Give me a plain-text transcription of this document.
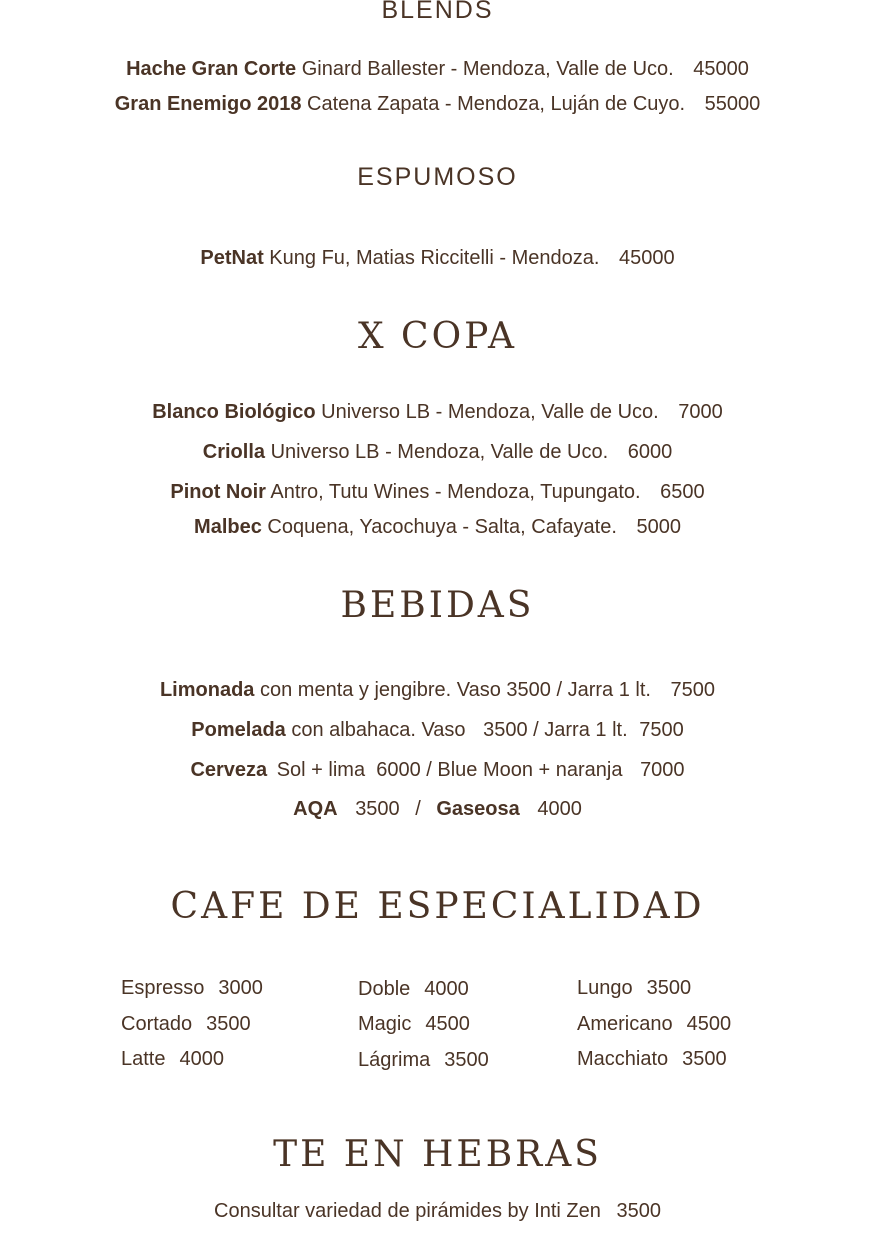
BLENDS
Hache Gran Corte Ginard Ballester - Mendoza, Valle de Uco. 45000
Gran Enemigo 2018 Catena Zapata - Mendoza, Luján de Cuyo. 55000
ESPUMOSO
PetNat Kung Fu, Matias Riccitelli - Mendoza. 45000
X COPA
Blanco Biológico Universo LB - Mendoza, Valle de Uco. 7000
Criolla Universo LB - Mendoza, Valle de Uco. 6000
Pinot Noir Antro, Tutu Wines - Mendoza, Tupungato. 6500
Malbec Coquena, Yacochuya - Salta, Cafayate. 5000
BEBIDAS
Limonada con menta y jengibre. Vaso 3500 / Jarra 1 lt. 7500
Pomelada con albahaca. Vaso 3500 / Jarra 1 lt. 7500
Cerveza Sol + lima  6000 / Blue Moon + naranja 7000
AQA 3500 / Gaseosa 4000
CAFE DE ESPECIALIDAD
Espresso 3000	Doble 4000	Lungo 3500
Cortado 3500	Magic 4500	Americano 4500
Latte 4000	Lágrima 3500	Macchiato 3500
TE EN HEBRAS
Consultar variedad de pirámides by Inti Zen 3500
